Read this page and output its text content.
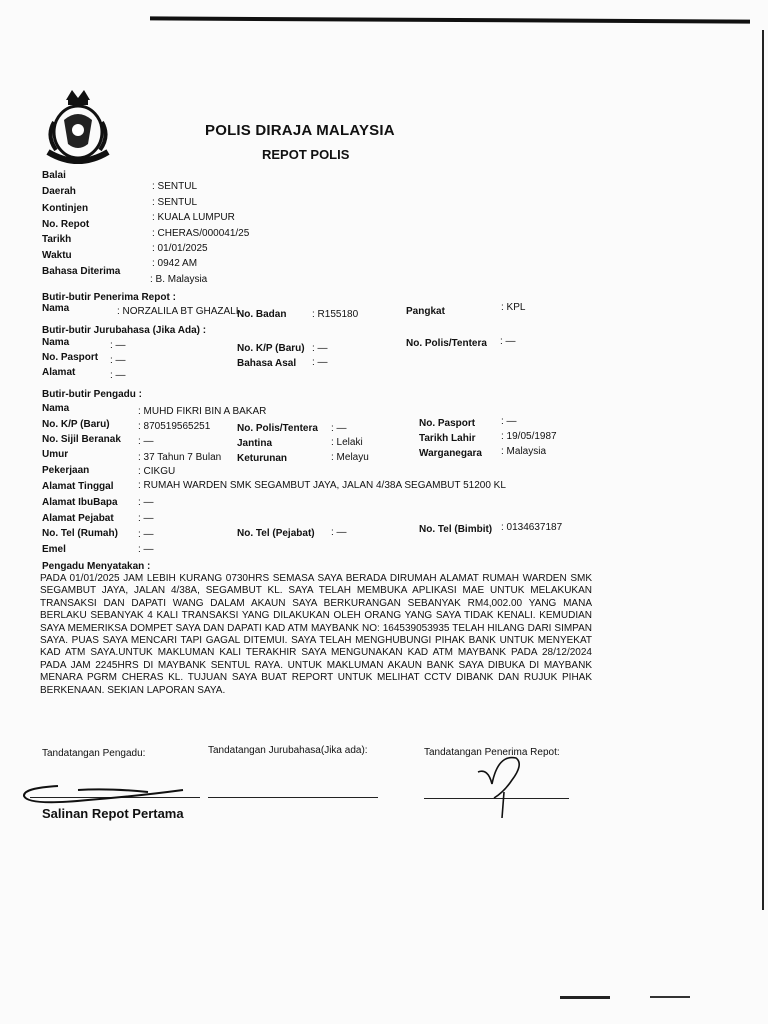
POLIS DIRAJA MALAYSIA
REPOT POLIS
Balai
: SENTUL
Daerah
: SENTUL
Kontinjen
: KUALA LUMPUR
No. Repot
: CHERAS/000041/25
Tarikh
: 01/01/2025
Waktu
: 0942 AM
Bahasa Diterima
: B. Malaysia
Butir-butir Penerima Repot :
Nama	: NORZALILA BT GHAZALI
No. Badan	: R155180	Pangkat	: KPL
Butir-butir Jurubahasa (Jika Ada) :
Nama	: —	No. K/P (Baru) : —	No. Polis/Tentera : —
No. Pasport : —	Bahasa Asal : —
Alamat	: —
Butir-butir Pengadu :
Nama	: MUHD FIKRI BIN A BAKAR
No. K/P (Baru)	: 870519565251	No. Polis/Tentera : —	No. Pasport	: —
No. Sijil Beranak : —	Jantina	: Lelaki	Tarikh Lahir	: 19/05/1987
Umur	: 37 Tahun 7 Bulan Keturunan	: Melayu	Warganegara : Malaysia
Pekerjaan	: CIKGU
Alamat Tinggal : RUMAH WARDEN SMK SEGAMBUT JAYA, JALAN 4/38A SEGAMBUT 51200 KL
Alamat IbuBapa : —
Alamat Pejabat : —
No. Tel (Rumah) : —	No. Tel (Pejabat) : —	No. Tel (Bimbit) : 0134637187
Emel	: —
Pengadu Menyatakan :
PADA 01/01/2025 JAM LEBIH KURANG 0730HRS SEMASA SAYA BERADA DIRUMAH ALAMAT RUMAH WARDEN SMK SEGAMBUT JAYA, JALAN 4/38A, SEGAMBUT KL. SAYA TELAH MEMBUKA APLIKASI MAE UNTUK MELAKUKAN TRANSAKSI DAN DAPATI WANG DALAM AKAUN SAYA BERKURANGAN SEBANYAK RM4,002.00 YANG MANA BERLAKU SEBANYAK 4 KALI TRANSAKSI YANG DILAKUKAN OLEH ORANG YANG SAYA TIDAK KENALI. KEMUDIAN SAYA MEMERIKSA DOMPET SAYA DAN DAPATI KAD ATM MAYBANK NO: 164539053935 TELAH HILANG DARI SIMPAN SAYA. PUAS SAYA MENCARI TAPI GAGAL DITEMUI. SAYA TELAH MENGHUBUNGI PIHAK BANK UNTUK MENYEKAT KAD ATM SAYA.UNTUK MAKLUMAN KALI TERAKHIR SAYA MENGUNAKAN KAD ATM MAYBANK PADA 28/12/2024 PADA JAM 2245HRS DI MAYBANK SENTUL RAYA. UNTUK MAKLUMAN AKAUN BANK SAYA DIBUKA DI MAYBANK MENARA PGRM CHERAS KL. TUJUAN SAYA BUAT REPORT UNTUK MELIHAT CCTV DIBANK DAN RUJUK PIHAK BERKENAAN. SEKIAN LAPORAN SAYA.
Tandatangan Pengadu:	Tandatangan Jurubahasa(Jika ada):	Tandatangan Penerima Repot:
Salinan Repot Pertama
